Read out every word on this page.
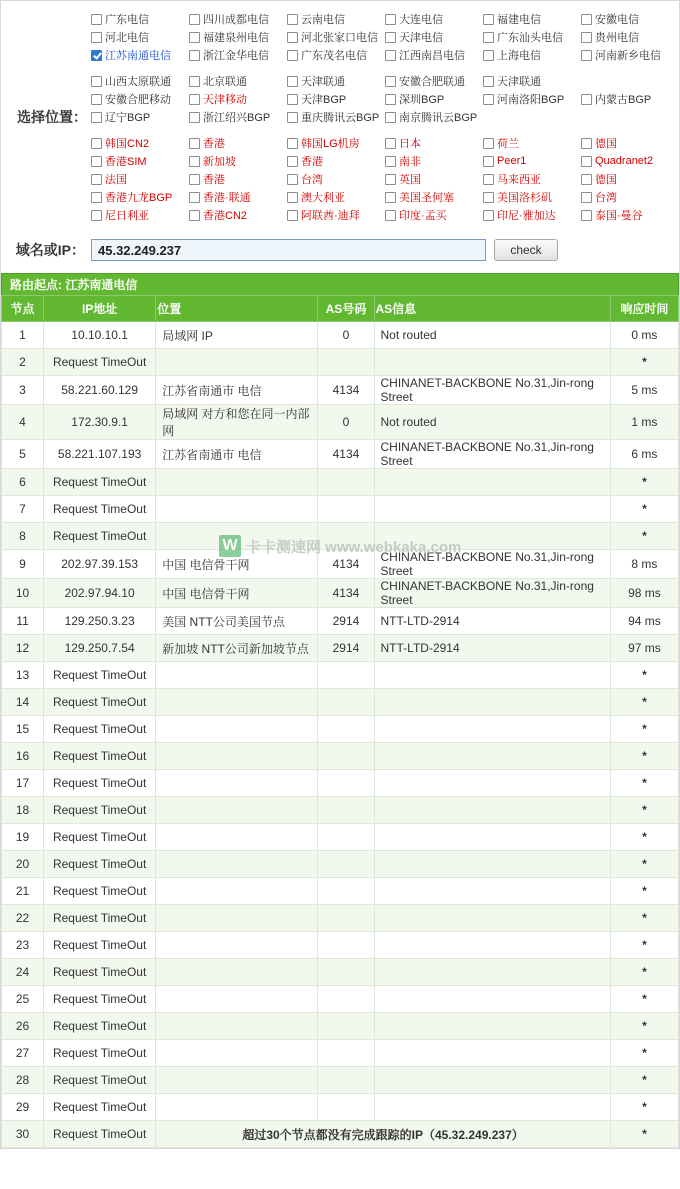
选择位置：
广东电信	四川成都电信	云南电信	大连电信	福建电信	安徽电信
河北电信	福建泉州电信	河北张家口电信 天津电信	广东汕头电信	贵州电信
江苏南通电信	浙江金华电信	广东茂名电信	江西南昌电信	上海电信	河南新乡电信
山西太原联通	北京联通	天津联通	安徽合肥联通	天津联通
安徽合肥移动	天津移动	天津BGP	深圳BGP	河南洛阳BGP	内蒙古BGP
辽宁BGP	浙江绍兴BGP	重庆腾讯云BGP 南京腾讯云BGP
韩国CN2	香港	韩国LG机房	日本	荷兰	德国
香港SIM	新加坡	香港	南非	Peer1	Quadranet2
法国	香港	台湾	英国	马来西亚	德国
香港九龙BGP	香港·联通	澳大利亚	美国圣何塞	美国洛杉矶	台湾
尼日利亚	香港CN2	阿联酋·迪拜	印度·孟买	印尼·雅加达	泰国·曼谷
域名或IP：
45.32.249.237	check
路由起点: 江苏南通电信
节点	IP地址	位置	AS号码	AS信息	响应时间
1	10.10.10.1	局域网 IP	0	Not routed	0 ms
2	Request TimeOut				*
3	58.221.60.129	江苏省南通市 电信	4134	CHINANET-BACKBONE No.31,Jin-rong Street	5 ms
4	172.30.9.1	局域网 对方和您在同一内部网	0	Not routed	1 ms
5	58.221.107.193	江苏省南通市 电信	4134	CHINANET-BACKBONE No.31,Jin-rong Street	6 ms
6	Request TimeOut				*
7	Request TimeOut				*
8	Request TimeOut				*
9	202.97.39.153	中国 电信骨干网	4134	CHINANET-BACKBONE No.31,Jin-rong Street	8 ms
10	202.97.94.10	中国 电信骨干网	4134	CHINANET-BACKBONE No.31,Jin-rong Street	98 ms
11	129.250.3.23	美国 NTT公司美国节点	2914	NTT-LTD-2914	94 ms
12	129.250.7.54	新加坡 NTT公司新加坡节点	2914	NTT-LTD-2914	97 ms
13	Request TimeOut				*
14	Request TimeOut				*
15	Request TimeOut				*
16	Request TimeOut				*
17	Request TimeOut				*
18	Request TimeOut				*
19	Request TimeOut				*
20	Request TimeOut				*
21	Request TimeOut				*
22	Request TimeOut				*
23	Request TimeOut				*
24	Request TimeOut				*
25	Request TimeOut				*
26	Request TimeOut				*
27	Request TimeOut				*
28	Request TimeOut				*
29	Request TimeOut				*
30	Request TimeOut	超过30个节点都没有完成跟踪的IP（45.32.249.237）			*
W 卡卡测速网 www.webkaka.com
